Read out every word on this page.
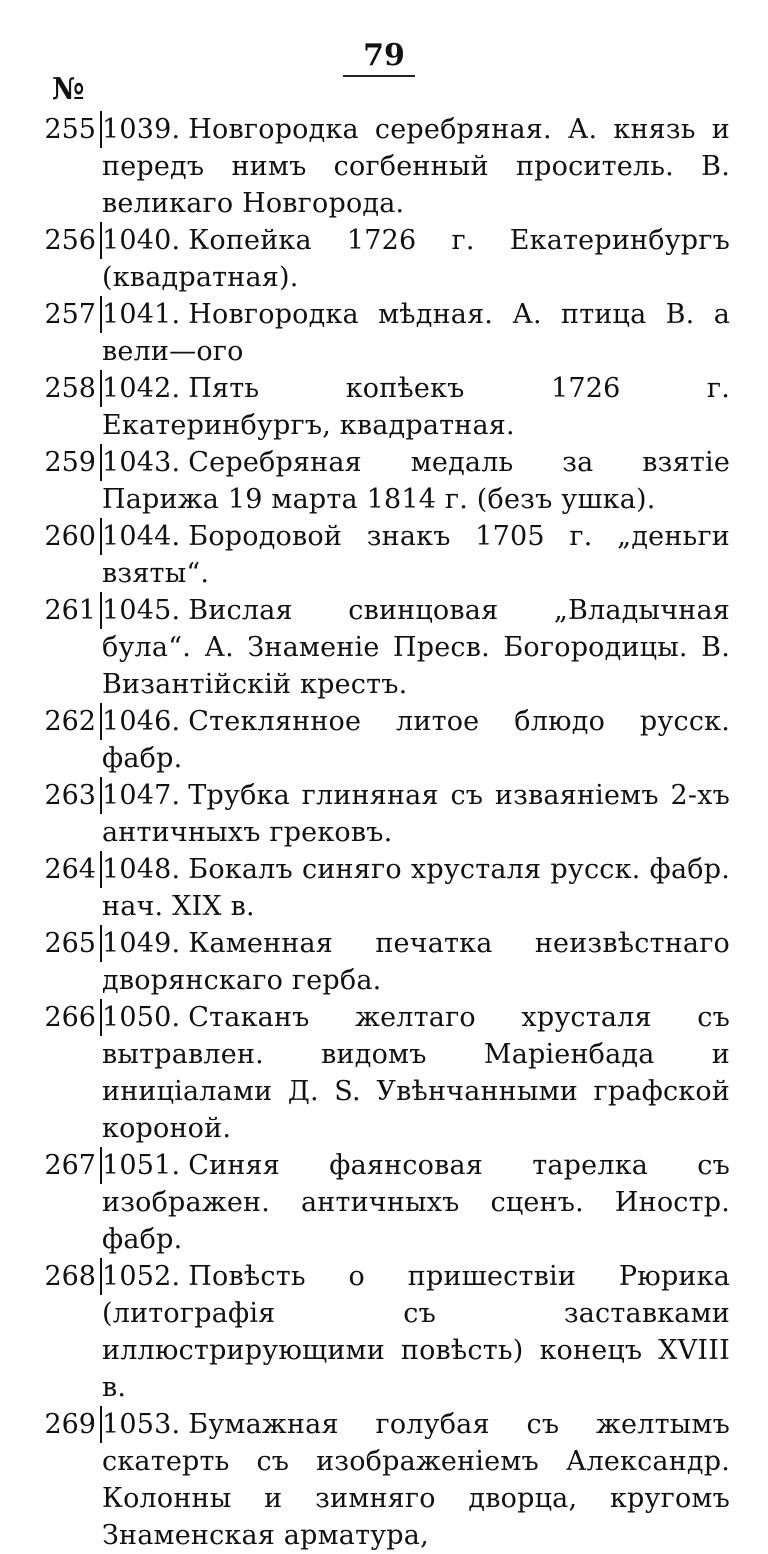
79
№
255 1039. Новгородка серебряная. А. князь и передъ нимъ согбенный проситель. В. великаго Новгорода.
256 1040. Копейка 1726 г. Екатеринбургъ (квадратная).
257 1041. Новгородка мѣдная. А. птица В. а вели—ого
258 1042. Пять копѣекъ 1726 г. Екатеринбургъ, квадратная.
259 1043. Серебряная медаль за взятіе Парижа 19 марта 1814 г. (безъ ушка).
260 1044. Бородовой знакъ 1705 г. „деньги взяты“.
261 1045. Вислая свинцовая „Владычная була“. А. Знаменіе Пресв. Богородицы. В. Византійскій крестъ.
262 1046. Стеклянное литое блюдо русск. фабр.
263 1047. Трубка глиняная съ изваяніемъ 2-хъ античныхъ грековъ.
264 1048. Бокалъ синяго хрусталя русск. фабр. нач. XIX в.
265 1049. Каменная печатка неизвѣстнаго дворянскаго герба.
266 1050. Стаканъ желтаго хрусталя съ вытравлен. видомъ Маріенбада и иниціалами Д. S. Увѣнчанными графской короной.
267 1051. Синяя фаянсовая тарелка съ изображен. античныхъ сценъ. Иностр. фабр.
268 1052. Повѣсть о пришествіи Рюрика (литографія съ заставками иллюстрирующими повѣсть) конецъ XVIII в.
269 1053. Бумажная голубая съ желтымъ скатерть съ изображеніемъ Александр. Колонны и зимняго дворца, кругомъ Знаменская арматура,
